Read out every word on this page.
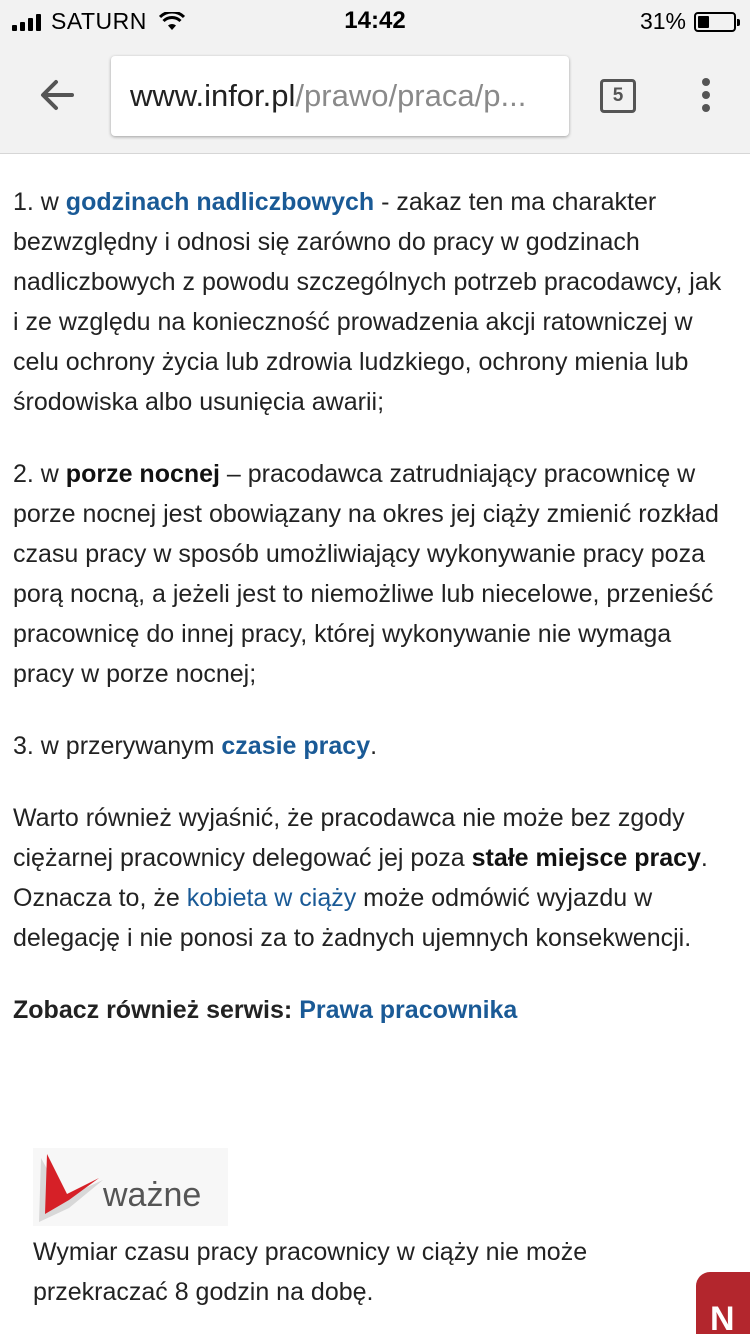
SATURN	14:42	31%
www.infor.pl/prawo/praca/p...	5

1. w godzinach nadliczbowych - zakaz ten ma charakter bezwzględny i odnosi się zarówno do pracy w godzinach nadliczbowych z powodu szczególnych potrzeb pracodawcy, jak i ze względu na konieczność prowadzenia akcji ratowniczej w celu ochrony życia lub zdrowia ludzkiego, ochrony mienia lub środowiska albo usunięcia awarii;

2. w porze nocnej – pracodawca zatrudniający pracownicę w porze nocnej jest obowiązany na okres jej ciąży zmienić rozkład czasu pracy w sposób umożliwiający wykonywanie pracy poza porą nocną, a jeżeli jest to niemożliwe lub niecelowe, przenieść pracownicę do innej pracy, której wykonywanie nie wymaga pracy w porze nocnej;

3. w przerywanym czasie pracy.

Warto również wyjaśnić, że pracodawca nie może bez zgody ciężarnej pracownicy delegować jej poza stałe miejsce pracy. Oznacza to, że kobieta w ciąży może odmówić wyjazdu w delegację i nie ponosi za to żadnych ujemnych konsekwencji.

Zobacz również serwis: Prawa pracownika

ważne
Wymiar czasu pracy pracownicy w ciąży nie może przekraczać 8 godzin na dobę.
N
